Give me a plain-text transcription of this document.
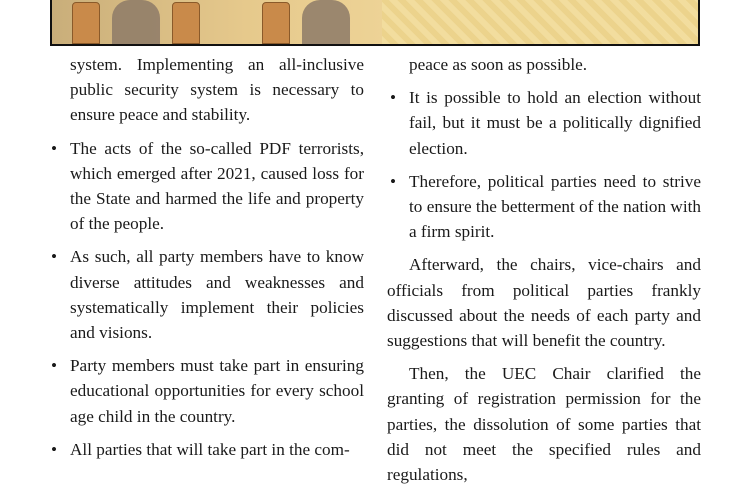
system. Implementing an all-inclusive public security system is necessary to ensure peace and stability.

• The acts of the so-called PDF terrorists, which emerged after 2021, caused loss for the State and harmed the life and property of the people.
• As such, all party members have to know diverse attitudes and weaknesses and systematically implement their policies and visions.
• Party members must take part in ensuring educational opportunities for every school age child in the country.
• All parties that will take part in the com-

peace as soon as possible.

• It is possible to hold an election without fail, but it must be a politically dignified election.
• Therefore, political parties need to strive to ensure the betterment of the nation with a firm spirit.

Afterward, the chairs, vice-chairs and officials from political parties frankly discussed about the needs of each party and suggestions that will benefit the country.

Then, the UEC Chair clarified the granting of registration permission for the parties, the dissolution of some parties that did not meet the specified rules and regulations,
